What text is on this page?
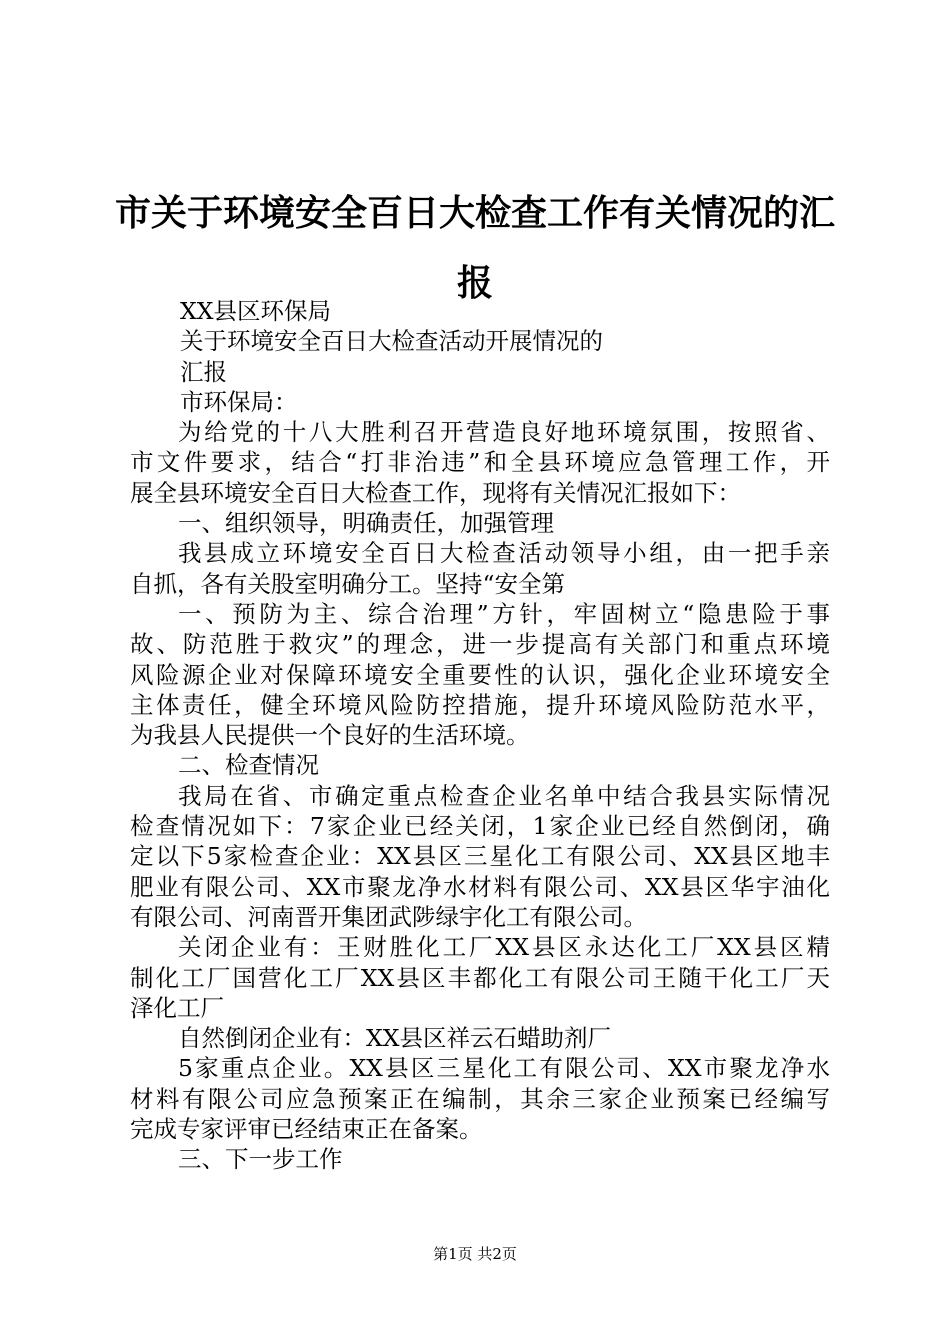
市关于环境安全百日大检查工作有关情况的汇报
XX县区环保局
关于环境安全百日大检查活动开展情况的
汇报
市环保局：
为给党的十八大胜利召开营造良好地环境氛围，按照省、
市文件要求，结合“打非治违”和全县环境应急管理工作，开
展全县环境安全百日大检查工作，现将有关情况汇报如下：
一、组织领导，明确责任，加强管理
我县成立环境安全百日大检查活动领导小组，由一把手亲
自抓，各有关股室明确分工。坚持“安全第
一、预防为主、综合治理”方针，牢固树立“隐患险于事
故、防范胜于救灾”的理念，进一步提高有关部门和重点环境
风险源企业对保障环境安全重要性的认识，强化企业环境安全
主体责任，健全环境风险防控措施，提升环境风险防范水平，
为我县人民提供一个良好的生活环境。
二、检查情况
我局在省、市确定重点检查企业名单中结合我县实际情况
检查情况如下：7家企业已经关闭，1家企业已经自然倒闭，确
定以下5家检查企业：XX县区三星化工有限公司、XX县区地丰
肥业有限公司、XX市聚龙净水材料有限公司、XX县区华宇油化
有限公司、河南晋开集团武陟绿宇化工有限公司。
关闭企业有：王财胜化工厂XX县区永达化工厂XX县区精
制化工厂国营化工厂XX县区丰都化工有限公司王随干化工厂天
泽化工厂
自然倒闭企业有：XX县区祥云石蜡助剂厂
5家重点企业。XX县区三星化工有限公司、XX市聚龙净水
材料有限公司应急预案正在编制，其余三家企业预案已经编写
完成专家评审已经结束正在备案。
三、下一步工作
第1页 共2页
